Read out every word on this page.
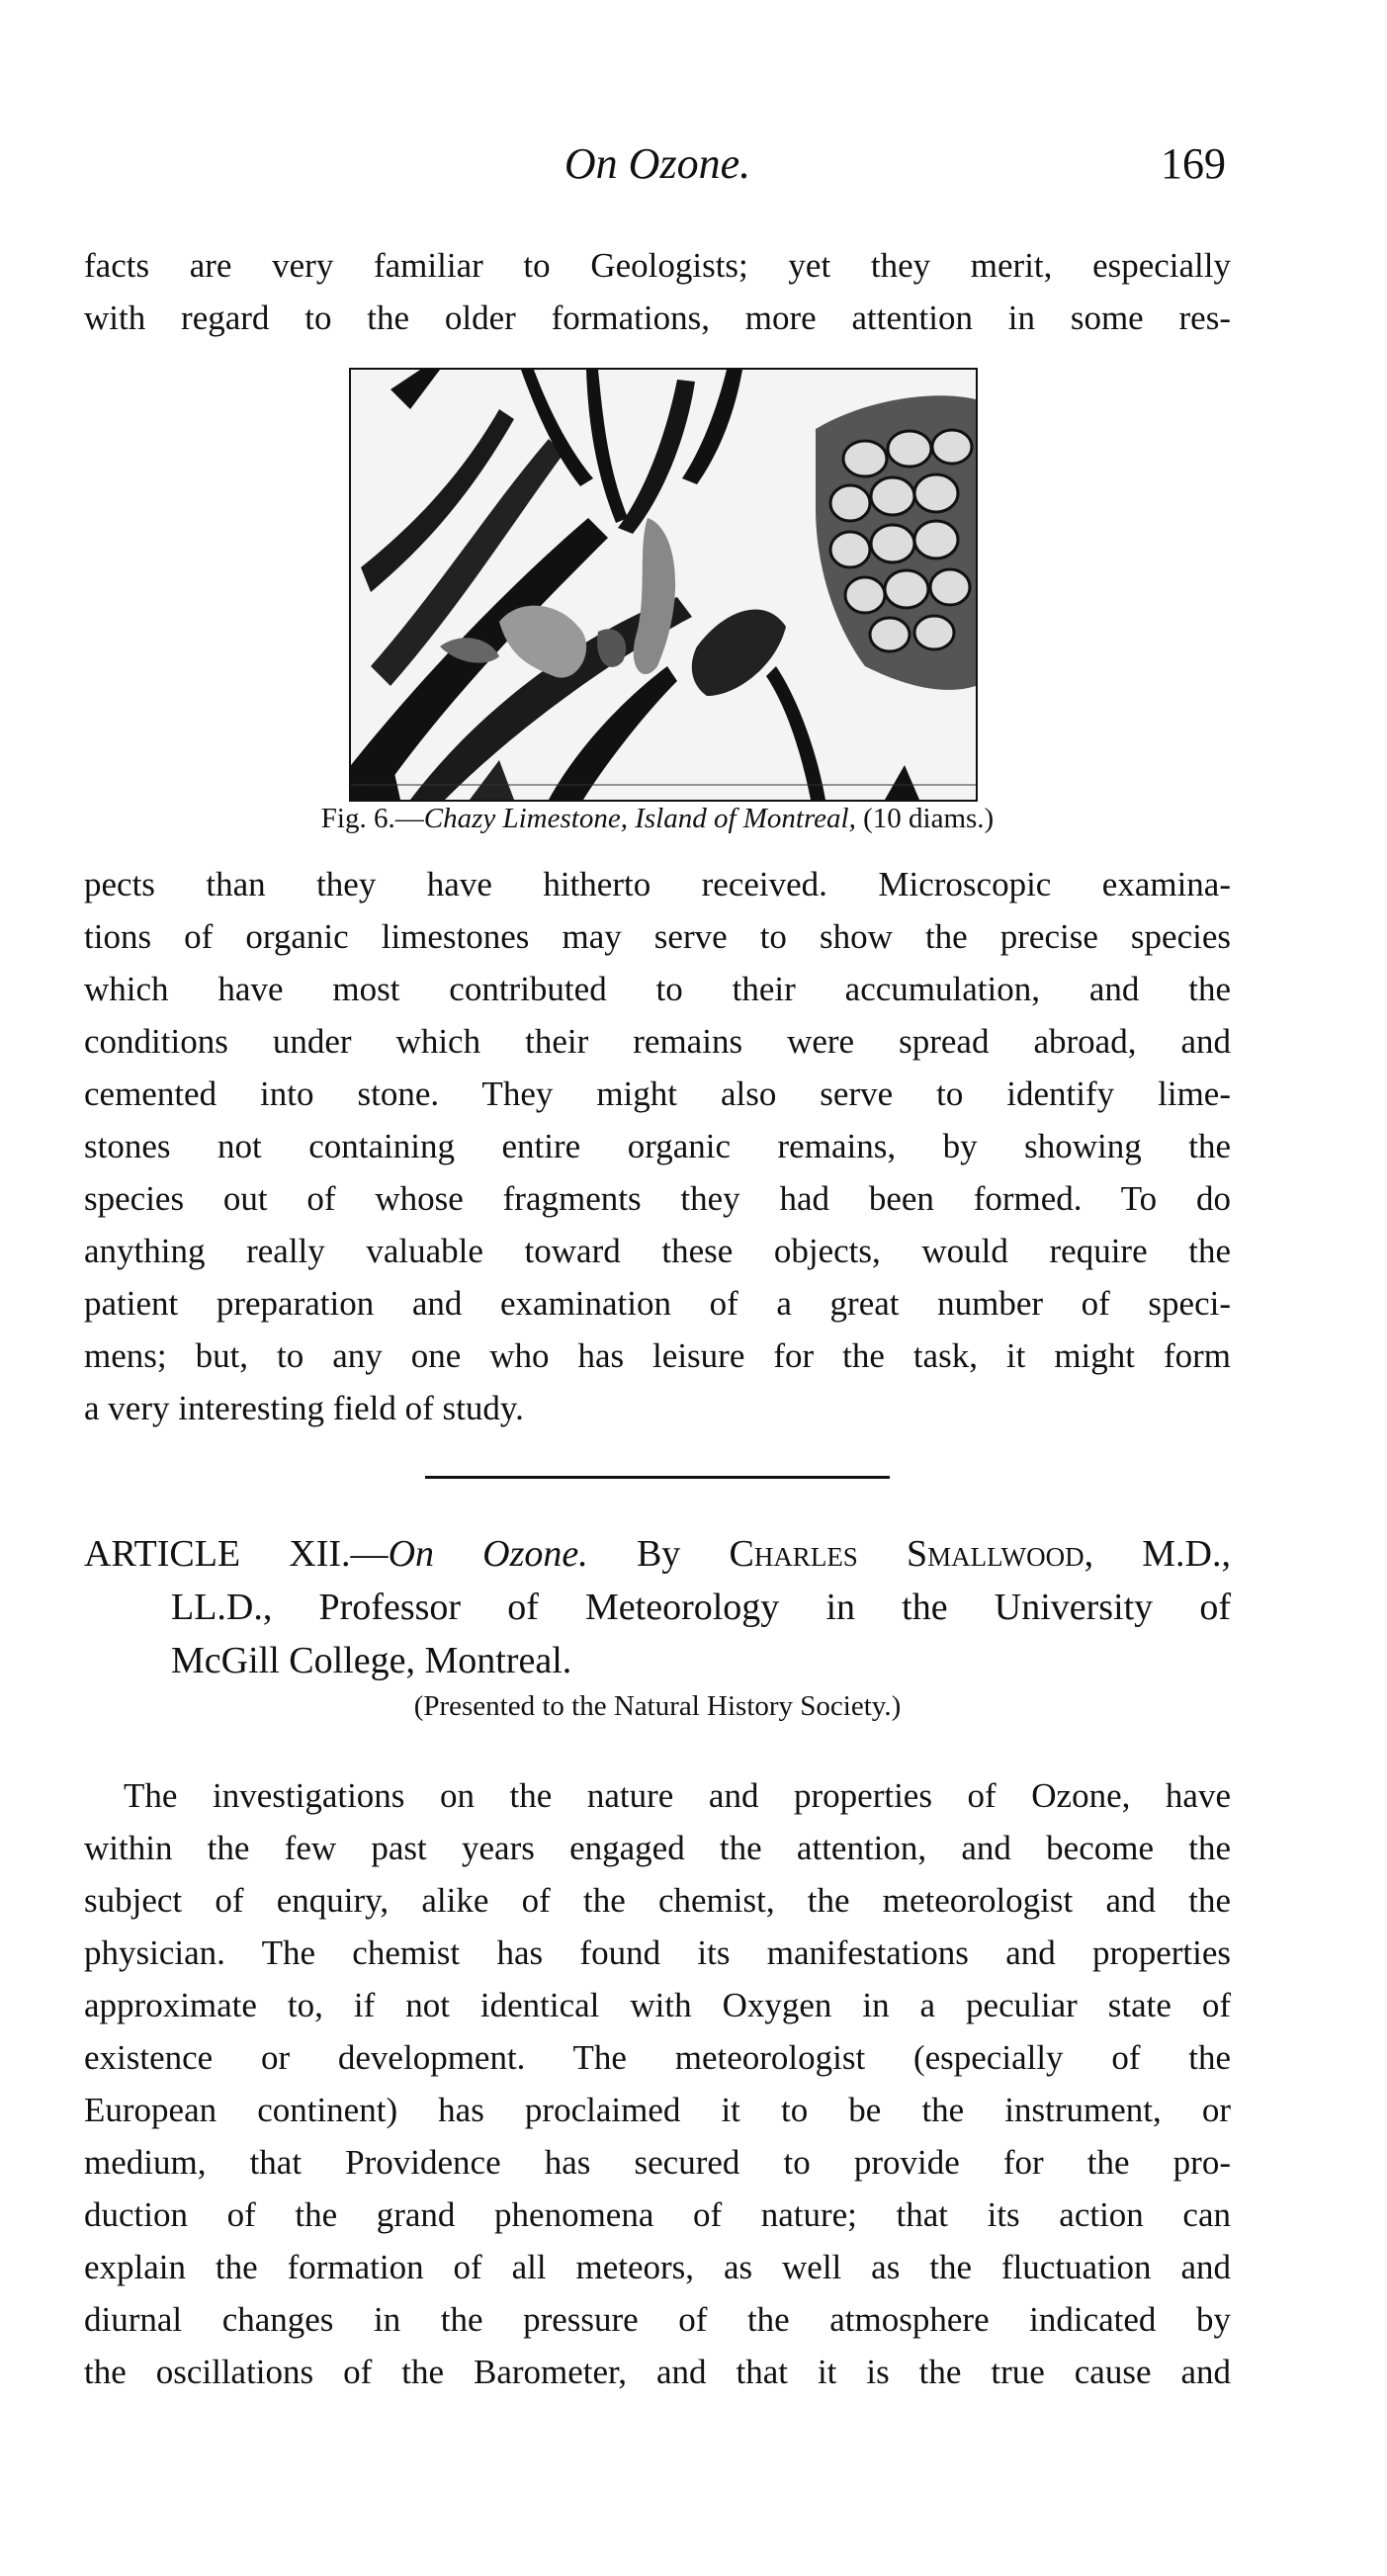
On Ozone.	169
facts are very familiar to Geologists; yet they merit, especially
with regard to the older formations, more attention in some res-
Fig. 6.—Chazy Limestone, Island of Montreal, (10 diams.)
pects than they have hitherto received. Microscopic examina-
tions of organic limestones may serve to show the precise species
which have most contributed to their accumulation, and the
conditions under which their remains were spread abroad, and
cemented into stone. They might also serve to identify lime-
stones not containing entire organic remains, by showing the
species out of whose fragments they had been formed. To do
anything really valuable toward these objects, would require the
patient preparation and examination of a great number of speci-
mens; but, to any one who has leisure for the task, it might form
a very interesting field of study.
ARTICLE XII.—On Ozone. By Charles Smallwood, M.D.,
LL.D., Professor of Meteorology in the University of
McGill College, Montreal.
(Presented to the Natural History Society.)
The investigations on the nature and properties of Ozone, have
within the few past years engaged the attention, and become the
subject of enquiry, alike of the chemist, the meteorologist and the
physician. The chemist has found its manifestations and properties
approximate to, if not identical with Oxygen in a peculiar state of
existence or development. The meteorologist (especially of the
European continent) has proclaimed it to be the instrument, or
medium, that Providence has secured to provide for the pro-
duction of the grand phenomena of nature; that its action can
explain the formation of all meteors, as well as the fluctuation and
diurnal changes in the pressure of the atmosphere indicated by
the oscillations of the Barometer, and that it is the true cause and
